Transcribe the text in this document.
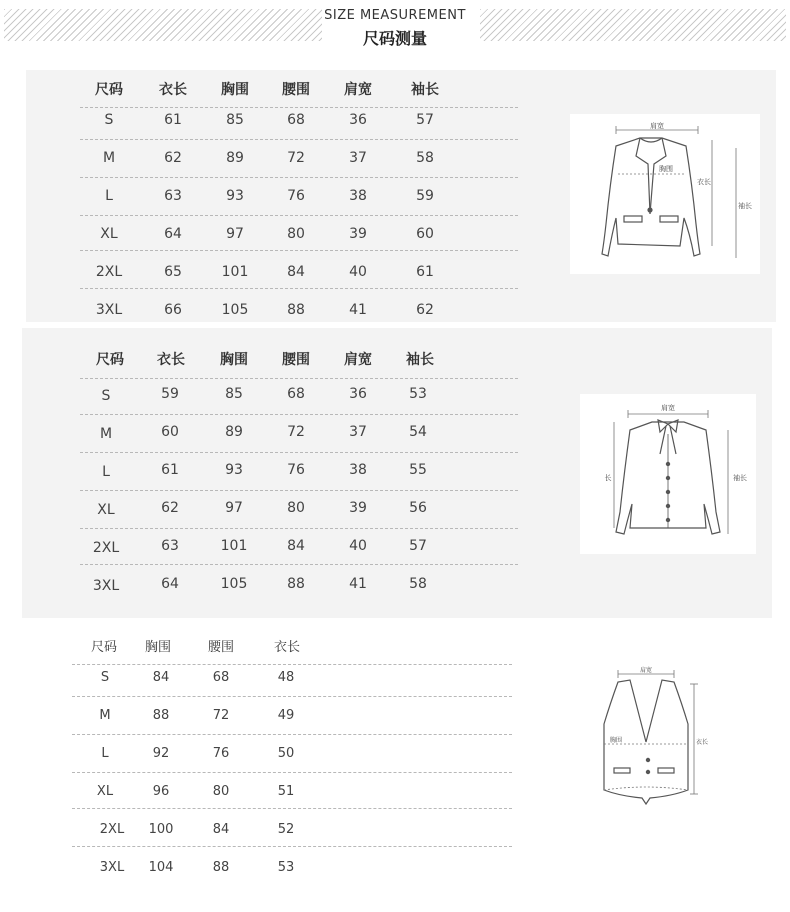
SIZE MEASUREMENT
尺码测量
尺码	衣长	胸围	腰围	肩宽	袖长
S	61	85	68	36	57
M	62	89	72	37	58
L	63	93	76	38	59
XL	64	97	80	39	60
2XL	65	101	84	40	61
3XL	66	105	88	41	62
肩宽
胸围
衣长
袖长
尺码	衣长	胸围	腰围	肩宽	袖长
S	59	85	68	36	53
M	60	89	72	37	54
L	61	93	76	38	55
XL	62	97	80	39	56
2XL	63	101	84	40	57
3XL	64	105	88	41	58
肩宽
长	袖长
尺码	胸围	腰围	衣长
S	84	68	48
M	88	72	49
L	92	76	50
XL	96	80	51
2XL	100	84	52
3XL	104	88	53
肩宽
胸围	衣长
